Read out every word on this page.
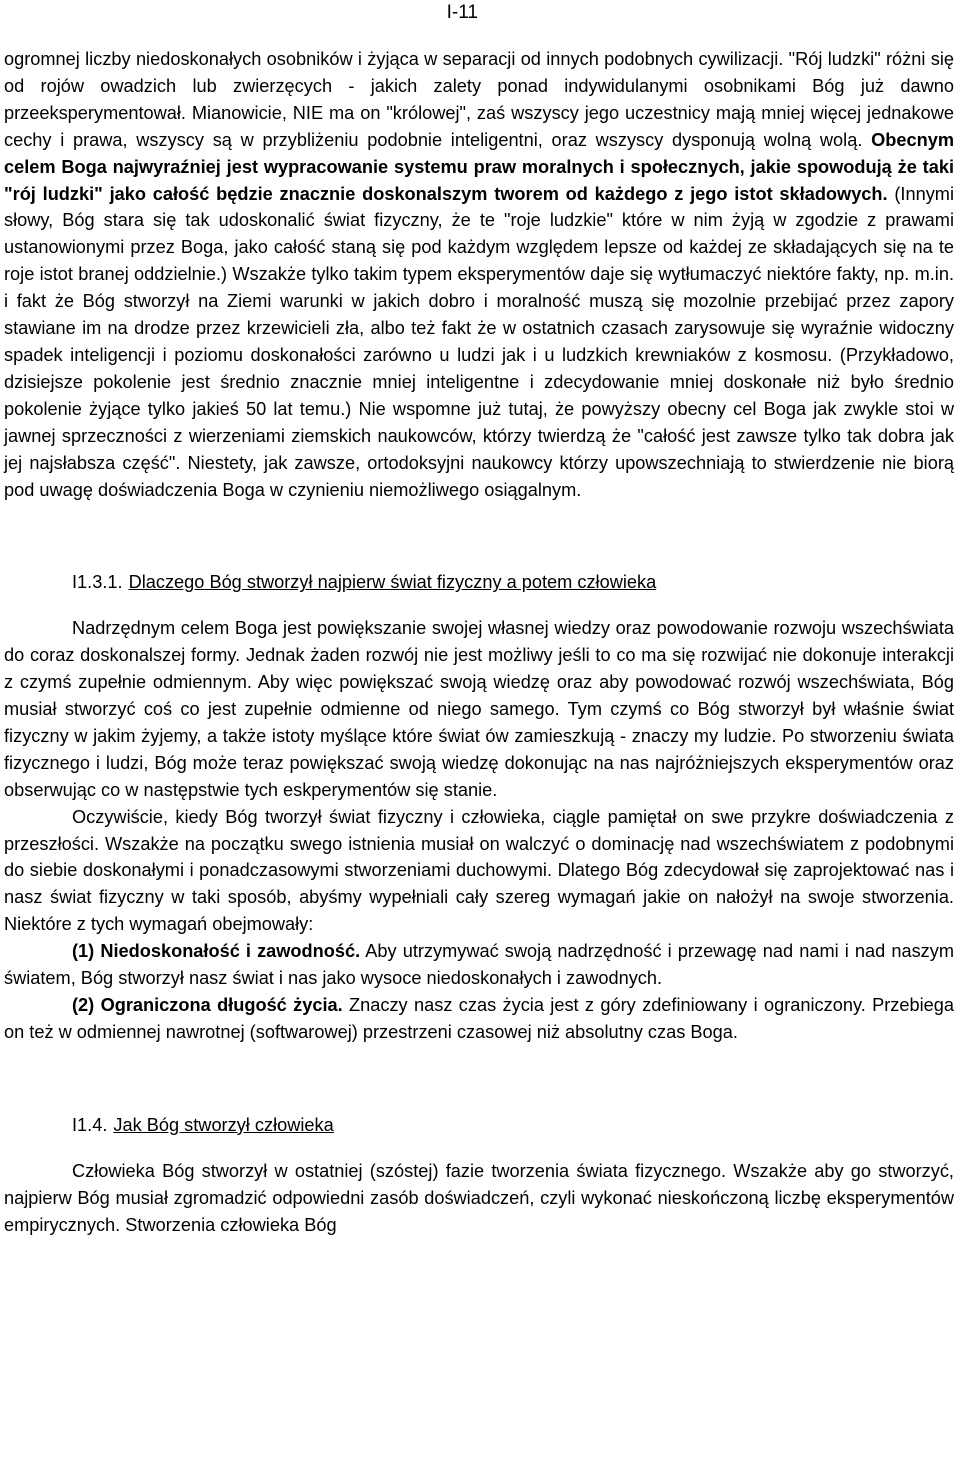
I-11

ogromnej liczby niedoskonałych osobników i żyjąca w separacji od innych podobnych cywilizacji. "Rój ludzki" różni się od rojów owadzich lub zwierzęcych - jakich zalety ponad indywidulanymi osobnikami Bóg już dawno przeeksperymentował. Mianowicie, NIE ma on "królowej", zaś wszyscy jego uczestnicy mają mniej więcej jednakowe cechy i prawa, wszyscy są w przybliżeniu podobnie inteligentni, oraz wszyscy dysponują wolną wolą. Obecnym celem Boga najwyraźniej jest wypracowanie systemu praw moralnych i społecznych, jakie spowodują że taki "rój ludzki" jako całość będzie znacznie doskonalszym tworem od każdego z jego istot składowych. (Innymi słowy, Bóg stara się tak udoskonalić świat fizyczny, że te "roje ludzkie" które w nim żyją w zgodzie z prawami ustanowionymi przez Boga, jako całość staną się pod każdym względem lepsze od każdej ze składających się na te roje istot branej oddzielnie.) Wszakże tylko takim typem eksperymentów daje się wytłumaczyć niektóre fakty, np. m.in. i fakt że Bóg stworzył na Ziemi warunki w jakich dobro i moralność muszą się mozolnie przebijać przez zapory stawiane im na drodze przez krzewicieli zła, albo też fakt że w ostatnich czasach zarysowuje się wyraźnie widoczny spadek inteligencji i poziomu doskonałości zarówno u ludzi jak i u ludzkich krewniaków z kosmosu. (Przykładowo, dzisiejsze pokolenie jest średnio znacznie mniej inteligentne i zdecydowanie mniej doskonałe niż było średnio pokolenie żyjące tylko jakieś 50 lat temu.) Nie wspomne już tutaj, że powyższy obecny cel Boga jak zwykle stoi w jawnej sprzeczności z wierzeniami ziemskich naukowców, którzy twierdzą że "całość jest zawsze tylko tak dobra jak jej najsłabsza część". Niestety, jak zawsze, ortodoksyjni naukowcy którzy upowszechniają to stwierdzenie nie biorą pod uwagę doświadczenia Boga w czynieniu niemożliwego osiągalnym.

I1.3.1. Dlaczego Bóg stworzył najpierw świat fizyczny a potem człowieka

Nadrzędnym celem Boga jest powiększanie swojej własnej wiedzy oraz powodowanie rozwoju wszechświata do coraz doskonalszej formy. Jednak żaden rozwój nie jest możliwy jeśli to co ma się rozwijać nie dokonuje interakcji z czymś zupełnie odmiennym. Aby więc powiększać swoją wiedzę oraz aby powodować rozwój wszechświata, Bóg musiał stworzyć coś co jest zupełnie odmienne od niego samego. Tym czymś co Bóg stworzył był właśnie świat fizyczny w jakim żyjemy, a także istoty myślące które świat ów zamieszkują - znaczy my ludzie. Po stworzeniu świata fizycznego i ludzi, Bóg może teraz powiększać swoją wiedzę dokonując na nas najróżniejszych eksperymentów oraz obserwując co w następstwie tych eskperymentów się stanie.

Oczywiście, kiedy Bóg tworzył świat fizyczny i człowieka, ciągle pamiętał on swe przykre doświadczenia z przeszłości. Wszakże na początku swego istnienia musiał on walczyć o dominację nad wszechświatem z podobnymi do siebie doskonałymi i ponadczasowymi stworzeniami duchowymi. Dlatego Bóg zdecydował się zaprojektować nas i nasz świat fizyczny w taki sposób, abyśmy wypełniali cały szereg wymagań jakie on nałożył na swoje stworzenia. Niektóre z tych wymagań obejmowały:

(1) Niedoskonałość i zawodność. Aby utrzymywać swoją nadrzędność i przewagę nad nami i nad naszym światem, Bóg stworzył nasz świat i nas jako wysoce niedoskonałych i zawodnych.

(2) Ograniczona długość życia. Znaczy nasz czas życia jest z góry zdefiniowany i ograniczony. Przebiega on też w odmiennej nawrotnej (softwarowej) przestrzeni czasowej niż absolutny czas Boga.

I1.4. Jak Bóg stworzył człowieka

Człowieka Bóg stworzył w ostatniej (szóstej) fazie tworzenia świata fizycznego. Wszakże aby go stworzyć, najpierw Bóg musiał zgromadzić odpowiedni zasób doświadczeń, czyli wykonać nieskończoną liczbę eksperymentów empirycznych. Stworzenia człowieka Bóg
